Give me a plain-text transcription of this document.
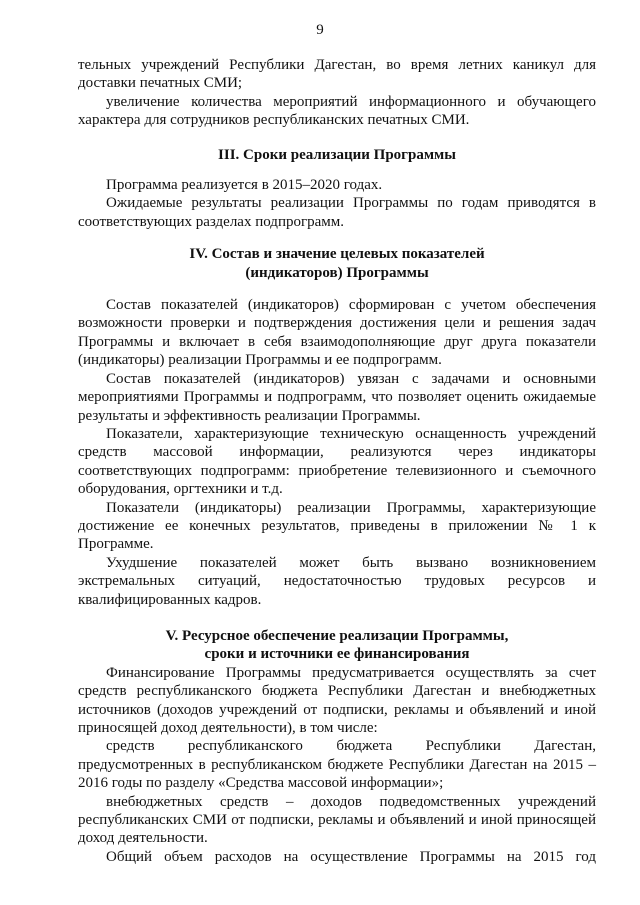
9

тельных учреждений Республики Дагестан, во время летних каникул для доставки печатных СМИ;

увеличение количества мероприятий информационного и обучающего характера для сотрудников республиканских печатных СМИ.

III. Сроки реализации Программы

Программа реализуется в 2015–2020 годах.

Ожидаемые результаты реализации Программы по годам приводятся в соответствующих разделах подпрограмм.

IV. Состав и значение целевых показателей
(индикаторов) Программы

Состав показателей (индикаторов) сформирован с учетом обеспечения возможности проверки и подтверждения достижения цели и решения задач Программы и включает в себя взаимодополняющие друг друга показатели (индикаторы) реализации Программы и ее подпрограмм.

Состав показателей (индикаторов) увязан с задачами и основными мероприятиями Программы и подпрограмм, что позволяет оценить ожидаемые результаты и эффективность реализации Программы.

Показатели, характеризующие техническую оснащенность учреждений средств массовой информации, реализуются через индикаторы соответствующих подпрограмм: приобретение телевизионного и съемочного оборудования, оргтехники и т.д.

Показатели (индикаторы) реализации Программы, характеризующие достижение ее конечных результатов, приведены в приложении № 1 к Программе.

Ухудшение показателей может быть вызвано возникновением экстремальных ситуаций, недостаточностью трудовых ресурсов и квалифицированных кадров.

V. Ресурсное обеспечение реализации Программы,
сроки и источники ее финансирования

Финансирование Программы предусматривается осуществлять за счет средств республиканского бюджета Республики Дагестан и внебюджетных источников (доходов учреждений от подписки, рекламы и объявлений и иной приносящей доход деятельности), в том числе:

средств республиканского бюджета Республики Дагестан, предусмотренных в республиканском бюджете Республики Дагестан на 2015 – 2016 годы по разделу «Средства массовой информации»;

внебюджетных средств – доходов подведомственных учреждений республиканских СМИ от подписки, рекламы и объявлений и иной приносящей доход деятельности.

Общий объем расходов на осуществление Программы на 2015 год
